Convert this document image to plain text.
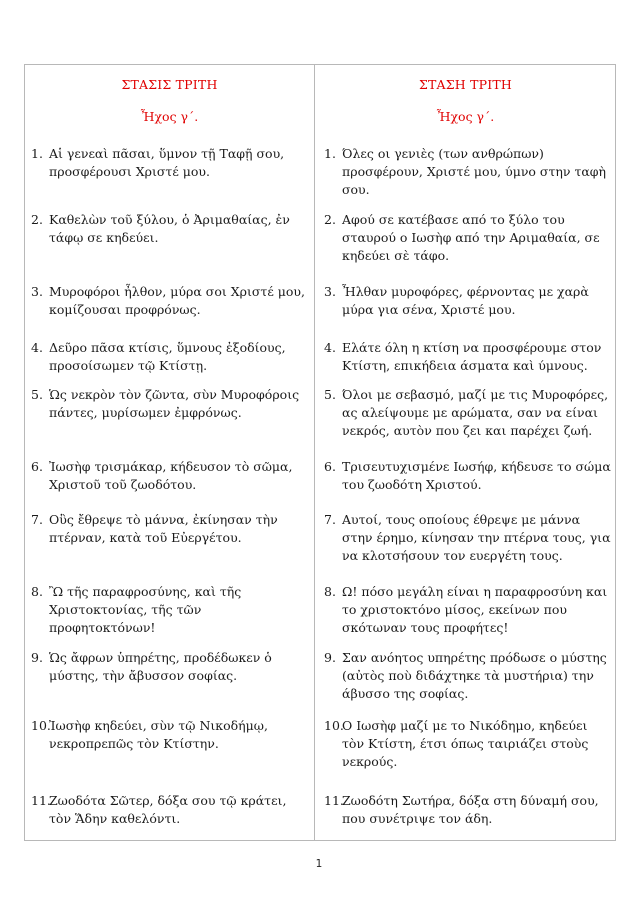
ΣΤΑΣΙΣ ΤΡΙΤΗ
Ἦχος γ΄.
1. Αἱ γενεαὶ πᾶσαι, ὕμνον τῇ Ταφῇ σου, προσφέρουσι Χριστέ μου.
2. Καθελὼν τοῦ ξύλου, ὁ Ἀριμαθαίας, ἐν τάφῳ σε κηδεύει.
3. Μυροφόροι ἦλθον, μύρα σοι Χριστέ μου, κομίζουσαι προφρόνως.
4. Δεῦρο πᾶσα κτίσις, ὕμνους ἐξοδίους, προσοίσωμεν τῷ Κτίστῃ.
5. Ὡς νεκρὸν τὸν ζῶντα, σὺν Μυροφόροις πάντες, μυρίσωμεν ἐμφρόνως.
6. Ἰωσὴφ τρισμάκαρ, κήδευσον τὸ σῶμα, Χριστοῦ τοῦ ζωοδότου.
7. Οὓς ἔθρεψε τὸ μάννα, ἐκίνησαν τὴν πτέρναν, κατὰ τοῦ Εὐεργέτου.
8. Ὢ τῆς παραφροσύνης, καὶ τῆς Χριστοκτονίας, τῆς τῶν προφητοκτόνων!
9. Ὡς ἄφρων ὑπηρέτης, προδέδωκεν ὁ μύστης, τὴν ἄβυσσον σοφίας.
10.
Ἰωσὴφ κηδεύει, σὺν τῷ Νικοδήμῳ, νεκροπρεπῶς τὸν Κτίστην.
11.
Ζωοδότα Σῶτερ, δόξα σου τῷ κράτει, τὸν Ἅδην καθελόντι.
ΣΤΑΣΗ ΤΡΙΤΗ
Ἦχος γ΄.
1. Όλες οι γενιὲς (των ανθρώπων) προσφέρουν, Χριστέ μου, ύμνο στην ταφὴ σου.
2. Αφού σε κατέβασε από το ξύλο του σταυρού ο Ιωσὴφ από την Αριμαθαία, σε κηδεύει σὲ τάφο.
3. Ἦλθαν μυροφόρες, φέρνοντας με χαρὰ μύρα για σένα, Χριστέ μου.
4. Ελάτε όλη η κτίση να προσφέρουμε στον Κτίστη, επικήδεια άσματα καὶ ύμνους.
5. Όλοι με σεβασμό, μαζί με τις Μυροφόρες, ας αλείψουμε με αρώματα, σαν να είναι νεκρός, αυτὸν που ζει και παρέχει ζωή.
6. Τρισευτυχισμένε Ιωσήφ, κήδευσε το σώμα του ζωοδότη Χριστού.
7. Αυτοί, τους οποίους έθρεψε με μάννα στην έρημο, κίνησαν την πτέρνα τους, για να κλοτσήσουν τον ευεργέτη τους.
8. Ω! πόσο μεγάλη είναι η παραφροσύνη και το χριστοκτόνο μίσος, εκείνων που σκότωναν τους προφήτες!
9. Σαν ανόητος υπηρέτης πρόδωσε ο μύστης (αὐτὸς ποὺ διδάχτηκε τὰ μυστήρια) την άβυσσο της σοφίας.
10.
Ο Ιωσὴφ μαζί με το Νικόδημο, κηδεύει τὸν Κτίστη, έτσι όπως ταιριάζει στοὺς νεκρούς.
11.
Ζωοδότη Σωτήρα, δόξα στη δύναμή σου, που συνέτριψε τον άδη.
1
